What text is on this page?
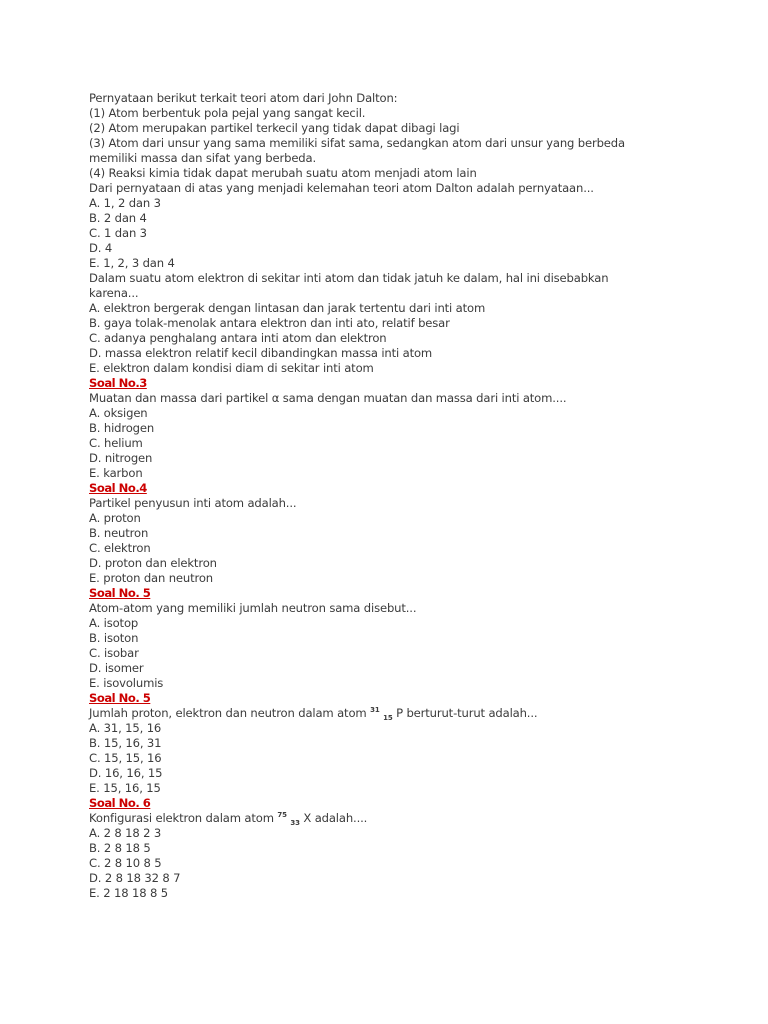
Pernyataan berikut terkait teori atom dari John Dalton:
(1) Atom berbentuk pola pejal yang sangat kecil.
(2) Atom merupakan partikel terkecil yang tidak dapat dibagi lagi
(3) Atom dari unsur yang sama memiliki sifat sama, sedangkan atom dari unsur yang berbeda
memiliki massa dan sifat yang berbeda.
(4) Reaksi kimia tidak dapat merubah suatu atom menjadi atom lain
Dari pernyataan di atas yang menjadi kelemahan teori atom Dalton adalah pernyataan...
A. 1, 2 dan 3
B. 2 dan 4
C. 1 dan 3
D. 4
E. 1, 2, 3 dan 4
Dalam suatu atom elektron di sekitar inti atom dan tidak jatuh ke dalam, hal ini disebabkan
karena...
A. elektron bergerak dengan lintasan dan jarak tertentu dari inti atom
B. gaya tolak-menolak antara elektron dan inti ato, relatif besar
C. adanya penghalang antara inti atom dan elektron
D. massa elektron relatif kecil dibandingkan massa inti atom
E. elektron dalam kondisi diam di sekitar inti atom
Soal No.3
Muatan dan massa dari partikel α sama dengan muatan dan massa dari inti atom....
A. oksigen
B. hidrogen
C. helium
D. nitrogen
E. karbon
Soal No.4
Partikel penyusun inti atom adalah...
A. proton
B. neutron
C. elektron
D. proton dan elektron
E. proton dan neutron
Soal No. 5
Atom-atom yang memiliki jumlah neutron sama disebut...
A. isotop
B. isoton
C. isobar
D. isomer
E. isovolumis
Soal No. 5
Jumlah proton, elektron dan neutron dalam atom $^{31}$ $_{15}$ P berturut-turut adalah...
A. 31, 15, 16
B. 15, 16, 31
C. 15, 15, 16
D. 16, 16, 15
E. 15, 16, 15
Soal No. 6
Konfigurasi elektron dalam atom $^{75}$ $_{33}$ X adalah....
A. 2 8 18 2 3
B. 2 8 18 5
C. 2 8 10 8 5
D. 2 8 18 32 8 7
E. 2 18 18 8 5
